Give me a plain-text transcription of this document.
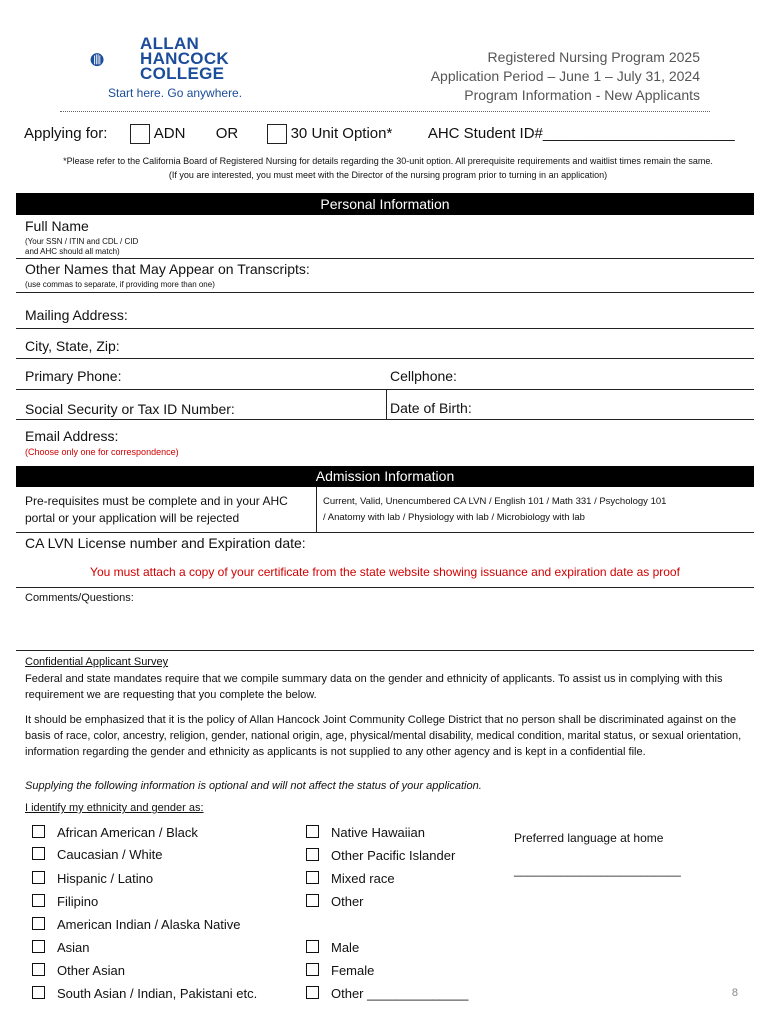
ALLAN
HANCOCK
COLLEGE
Start here. Go anywhere.
Registered Nursing Program 2025
Application Period – June 1 – July 31, 2024
Program Information - New Applicants
Applying for:	ADN OR	30 Unit Option* AHC Student ID#_______________________
*Please refer to the California Board of Registered Nursing for details regarding the 30-unit option. All prerequisite requirements and waitlist times remain the same.
(If you are interested, you must meet with the Director of the nursing program prior to turning in an application)
Personal Information
Full Name
(Your SSN / ITIN and CDL / CID
and AHC should all match)
Other Names that May Appear on Transcripts:
(use commas to separate, if providing more than one)
Mailing Address:
City, State, Zip:
Primary Phone:	Cellphone:
Social Security or Tax ID Number:	Date of Birth:
Email Address:
(Choose only one for correspondence)
Admission Information
Pre-requisites must be complete and in your AHC
portal or your application will be rejected
Current, Valid, Unencumbered CA LVN / English 101 / Math 331 / Psychology 101
/ Anatomy with lab / Physiology with lab / Microbiology with lab
CA LVN License number and Expiration date:
You must attach a copy of your certificate from the state website showing issuance and expiration date as proof
Comments/Questions:
Confidential Applicant Survey
Federal and state mandates require that we compile summary data on the gender and ethnicity of applicants. To assist us in complying with this requirement we are requesting that you complete the below.
It should be emphasized that it is the policy of Allan Hancock Joint Community College District that no person shall be discriminated against on the basis of race, color, ancestry, religion, gender, national origin, age, physical/mental disability, medical condition, marital status, or sexual orientation, information regarding the gender and ethnicity as applicants is not supplied to any other agency and is kept in a confidential file.
Supplying the following information is optional and will not affect the status of your application.
I identify my ethnicity and gender as:
African American / Black
Caucasian / White
Hispanic / Latino
Filipino
American Indian / Alaska Native
Asian
Other Asian
South Asian / Indian, Pakistani etc.
Native Hawaiian
Other Pacific Islander
Mixed race
Other
Male
Female
Other ______________
Preferred language at home
_________________________
8
